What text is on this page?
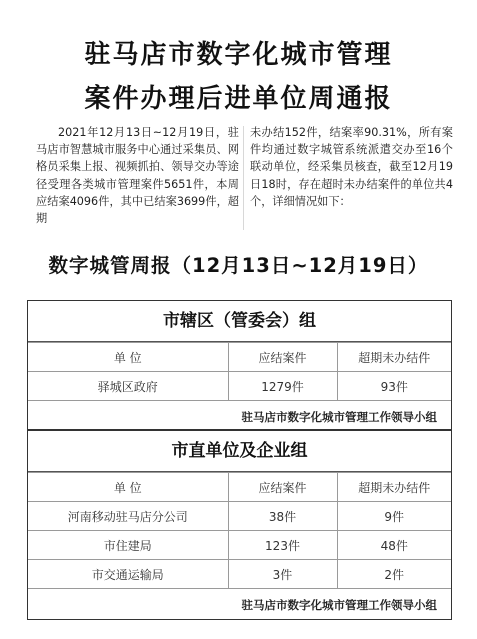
驻马店市数字化城市管理
案件办理后进单位周通报

2021年12月13日~12月19日，驻马店市智慧城市服务中心通过采集员、网格员采集上报、视频抓拍、领导交办等途径受理各类城市管理案件5651件，本周应结案4096件，其中已结案3699件，超期

未办结152件，结案率90.31%，所有案件均通过数字城管系统派遣交办至16个联动单位，经采集员核查，截至12月19日18时，存在超时未办结案件的单位共4个，详细情况如下：

数字城管周报（12月13日~12月19日）
市辖区（管委会）组
单 位	应结案件	超期未办结件
驿城区政府	1279件	93件
驻马店市数字化城市管理工作领导小组
市直单位及企业组
单 位	应结案件	超期未办结件
河南移动驻马店分公司	38件	9件
市住建局	123件	48件
市交通运输局	3件	2件
驻马店市数字化城市管理工作领导小组
